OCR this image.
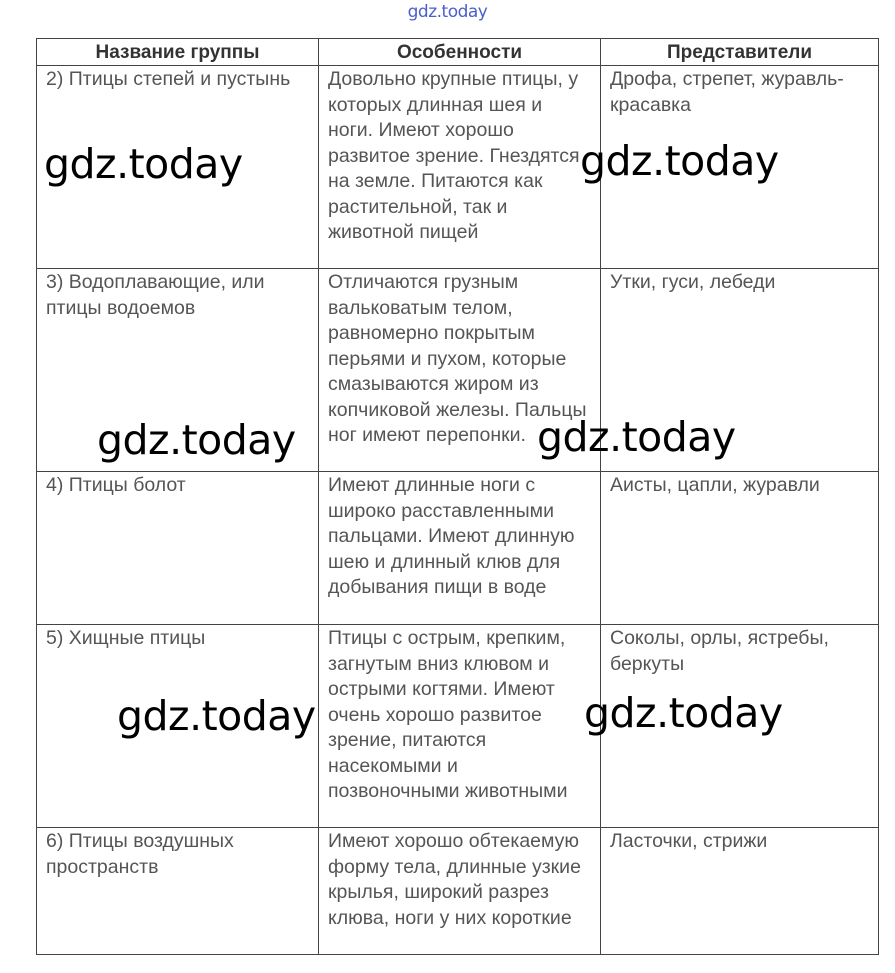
gdz.today
Название группы	Особенности	Представители
2) Птицы степей и пустынь	Довольно крупные птицы, у которых длинная шея и ноги. Имеют хорошо развитое зрение. Гнездятся на земле. Питаются как растительной, так и животной пищей	Дрофа, стрепет, журавль-красавка
3) Водоплавающие, или птицы водоемов	Отличаются грузным вальковатым телом, равномерно покрытым перьями и пухом, которые смазываются жиром из копчиковой железы. Пальцы ног имеют перепонки.	Утки, гуси, лебеди
4) Птицы болот	Имеют длинные ноги с широко расставленными пальцами. Имеют длинную шею и длинный клюв для добывания пищи в воде	Аисты, цапли, журавли
5) Хищные птицы	Птицы с острым, крепким, загнутым вниз клювом и острыми когтями. Имеют очень хорошо развитое зрение, питаются насекомыми и позвоночными животными	Соколы, орлы, ястребы, беркуты
6) Птицы воздушных пространств	Имеют хорошо обтекаемую форму тела, длинные узкие крылья, широкий разрез клюва, ноги у них короткие	Ласточки, стрижи
gdz.today	gdz.today
gdz.today	gdz.today
gdz.today	gdz.today
